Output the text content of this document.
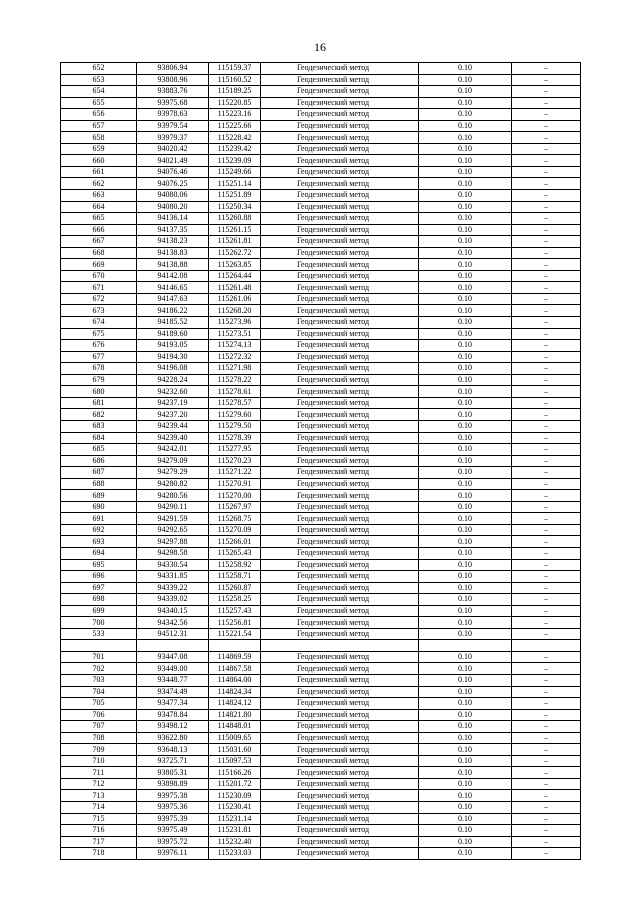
16
652	93806.94	115159.37	Геодезический метод	0.10	–
653	93808.96	115160.52	Геодезический метод	0.10	–
654	93883.76	115189.25	Геодезический метод	0.10	–
655	93975.68	115220.85	Геодезический метод	0.10	–
656	93978.63	115223.16	Геодезический метод	0.10	–
657	93979.54	115225.66	Геодезический метод	0.10	–
658	93979.37	115228.42	Геодезический метод	0.10	–
659	94020.42	115239.42	Геодезический метод	0.10	–
660	94021.49	115239.09	Геодезический метод	0.10	–
661	94076.46	115249.66	Геодезический метод	0.10	–
662	94076.25	115251.14	Геодезический метод	0.10	–
663	94080.06	115251.89	Геодезический метод	0.10	–
664	94080.20	115250.34	Геодезический метод	0.10	–
665	94136.14	115260.88	Геодезический метод	0.10	–
666	94137.35	115261.15	Геодезический метод	0.10	–
667	94138.23	115261.81	Геодезический метод	0.10	–
668	94138.83	115262.72	Геодезический метод	0.10	–
669	94138.88	115263.85	Геодезический метод	0.10	–
670	94142.08	115264.44	Геодезический метод	0.10	–
671	94146.65	115261.48	Геодезический метод	0.10	–
672	94147.63	115261.06	Геодезический метод	0.10	–
673	94186.22	115268.20	Геодезический метод	0.10	–
674	94185.52	115273.96	Геодезический метод	0.10	–
675	94189.60	115273.51	Геодезический метод	0.10	–
676	94193.05	115274.13	Геодезический метод	0.10	–
677	94194.30	115272.32	Геодезический метод	0.10	–
678	94196.08	115271.98	Геодезический метод	0.10	–
679	94228.24	115278.22	Геодезический метод	0.10	–
680	94232.60	115278.61	Геодезический метод	0.10	–
681	94237.19	115278.57	Геодезический метод	0.10	–
682	94237.20	115279.60	Геодезический метод	0.10	–
683	94239.44	115279.50	Геодезический метод	0.10	–
684	94239.40	115278.39	Геодезический метод	0.10	–
685	94242.01	115277.95	Геодезический метод	0.10	–
686	94279.09	115270.23	Геодезический метод	0.10	–
687	94279.29	115271.22	Геодезический метод	0.10	–
688	94280.82	115270.91	Геодезический метод	0.10	–
689	94280.56	115270.00	Геодезический метод	0.10	–
690	94290.11	115267.97	Геодезический метод	0.10	–
691	94291.59	115268.75	Геодезический метод	0.10	–
692	94292.65	115270.09	Геодезический метод	0.10	–
693	94297.88	115266.01	Геодезический метод	0.10	–
694	94298.58	115265.43	Геодезический метод	0.10	–
695	94330.54	115258.92	Геодезический метод	0.10	–
696	94331.85	115258.71	Геодезический метод	0.10	–
697	94339.22	115260.87	Геодезический метод	0.10	–
698	94339.02	115258.25	Геодезический метод	0.10	–
699	94340.15	115257.43	Геодезический метод	0.10	–
700	94342.56	115256.81	Геодезический метод	0.10	–
533	94512.31	115221.54	Геодезический метод	0.10	–

701	93447.08	114869.59	Геодезический метод	0.10	–
702	93449.00	114867.58	Геодезический метод	0.10	–
703	93448.77	114864.00	Геодезический метод	0.10	–
704	93474.49	114824.34	Геодезический метод	0.10	–
705	93477.34	114824.12	Геодезический метод	0.10	–
706	93478.84	114821.80	Геодезический метод	0.10	–
707	93498.12	114848.01	Геодезический метод	0.10	–
708	93622.80	115009.65	Геодезический метод	0.10	–
709	93648.13	115031.60	Геодезический метод	0.10	–
710	93725.71	115097.53	Геодезический метод	0.10	–
711	93805.31	115166.26	Геодезический метод	0.10	–
712	93898.89	115201.72	Геодезический метод	0.10	–
713	93975.38	115230.09	Геодезический метод	0.10	–
714	93975.36	115230.41	Геодезический метод	0.10	–
715	93975.39	115231.14	Геодезический метод	0.10	–
716	93975.49	115231.81	Геодезический метод	0.10	–
717	93975.72	115232.40	Геодезический метод	0.10	–
718	93976.11	115233.03	Геодезический метод	0.10	–
